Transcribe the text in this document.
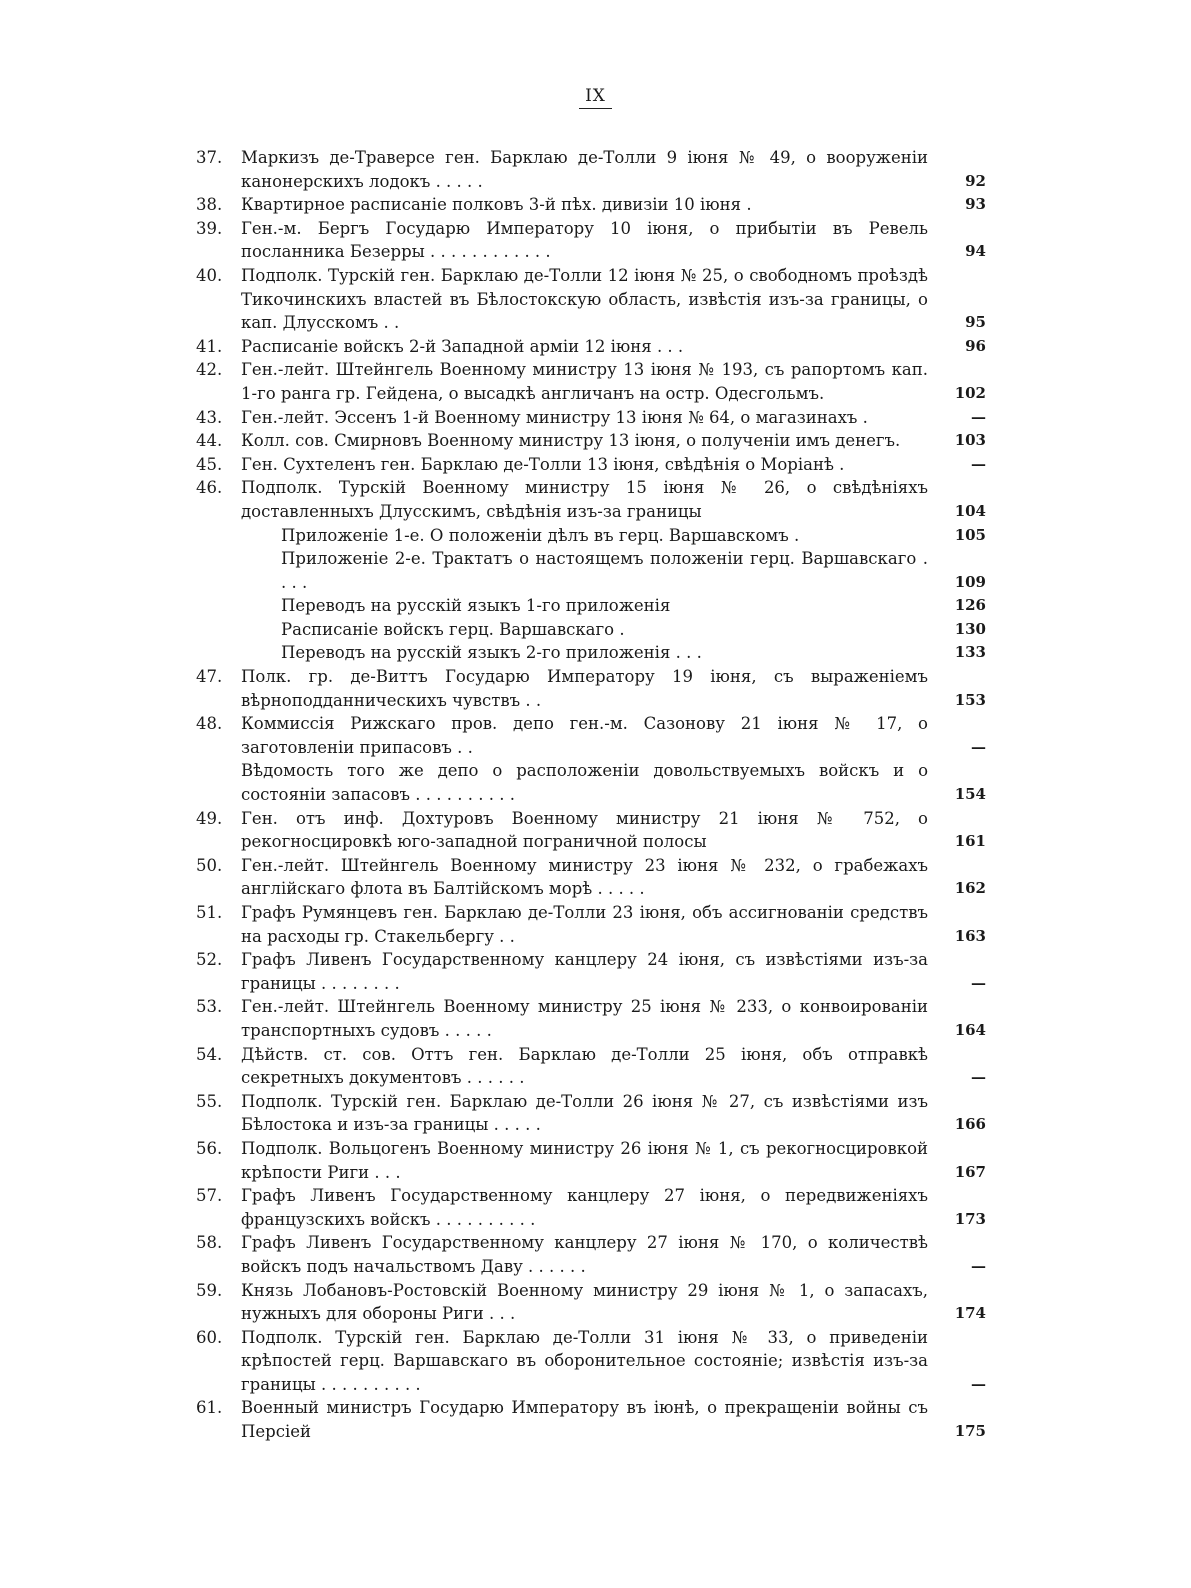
IX
37.	Маркизъ де-Траверсе ген. Барклаю де-Толли 9 іюня № 49, о вооруженіи канонерскихъ лодокъ . . . . .	92
38.	Квартирное расписаніе полковъ 3-й пѣх. дивизіи 10 іюня .	93
39.	Ген.-м. Бергъ Государю Императору 10 іюня, о прибытіи въ Ревель посланника Безерры . . . . . . . . . . . .	94
40.	Подполк. Турскій ген. Барклаю де-Толли 12 іюня № 25, о свободномъ проѣздѣ Тикочинскихъ властей въ Бѣлостокскую область, извѣстія изъ-за границы, о кап. Длусскомъ . .	95
41.	Расписаніе войскъ 2-й Западной арміи 12 іюня . . .	96
42.	Ген.-лейт. Штейнгель Военному министру 13 іюня № 193, съ рапортомъ кап. 1-го ранга гр. Гейдена, о высадкѣ англичанъ на остр. Одесгольмъ.	102
43.	Ген.-лейт. Эссенъ 1-й Военному министру 13 іюня № 64, о магазинахъ .	—
44.	Колл. сов. Смирновъ Военному министру 13 іюня, о полученіи имъ денегъ.	103
45.	Ген. Сухтеленъ ген. Барклаю де-Толли 13 іюня, свѣдѣнія о Моріанѣ .	—
46.	Подполк. Турскій Военному министру 15 іюня № 26, о свѣдѣніяхъ доставленныхъ Длусскимъ, свѣдѣнія изъ-за границы	104
Приложеніе 1-е. О положеніи дѣлъ въ герц. Варшавскомъ .	105
Приложеніе 2-е. Трактатъ о настоящемъ положеніи герц. Варшавскаго . . . .	109
Переводъ на русскій языкъ 1-го приложенія	126
Расписаніе войскъ герц. Варшавскаго .	130
Переводъ на русскій языкъ 2-го приложенія . . .	133
47.	Полк. гр. де-Виттъ Государю Императору 19 іюня, съ выраженіемъ вѣрноподданническихъ чувствъ . .	153
48.	Коммиссія Рижскаго пров. депо ген.-м. Сазонову 21 іюня № 17, о заготовленіи припасовъ . .	—
Вѣдомость того же депо о расположеніи довольствуемыхъ войскъ и о состояніи запасовъ . . . . . . . . . .	154
49.	Ген. отъ инф. Дохтуровъ Военному министру 21 іюня № 752, о рекогносцировкѣ юго-западной пограничной полосы	161
50.	Ген.-лейт. Штейнгель Военному министру 23 іюня № 232, о грабежахъ англійскаго флота въ Балтійскомъ морѣ . . . . .	162
51.	Графъ Румянцевъ ген. Барклаю де-Толли 23 іюня, объ ассигнованіи средствъ на расходы гр. Стакельбергу . .	163
52.	Графъ Ливенъ Государственному канцлеру 24 іюня, съ извѣстіями изъ-за границы . . . . . . . .	—
53.	Ген.-лейт. Штейнгель Военному министру 25 іюня № 233, о конвоированіи транспортныхъ судовъ . . . . .	164
54.	Дѣйств. ст. сов. Оттъ ген. Барклаю де-Толли 25 іюня, объ отправкѣ секретныхъ документовъ . . . . . .	—
55.	Подполк. Турскій ген. Барклаю де-Толли 26 іюня № 27, съ извѣстіями изъ Бѣлостока и изъ-за границы . . . . .	166
56.	Подполк. Вольцогенъ Военному министру 26 іюня № 1, съ рекогносцировкой крѣпости Риги . . .	167
57.	Графъ Ливенъ Государственному канцлеру 27 іюня, о передвиженіяхъ французскихъ войскъ . . . . . . . . . .	173
58.	Графъ Ливенъ Государственному канцлеру 27 іюня № 170, о количествѣ войскъ подъ начальствомъ Даву . . . . . .	—
59.	Князь Лобановъ-Ростовскій Военному министру 29 іюня № 1, о запасахъ, нужныхъ для обороны Риги . . .	174
60.	Подполк. Турскій ген. Барклаю де-Толли 31 іюня № 33, о приведеніи крѣпостей герц. Варшавскаго въ оборонительное состояніе; извѣстія изъ-за границы . . . . . . . . . .	—
61.	Военный министръ Государю Императору въ іюнѣ, о прекращеніи войны съ Персіей	175
